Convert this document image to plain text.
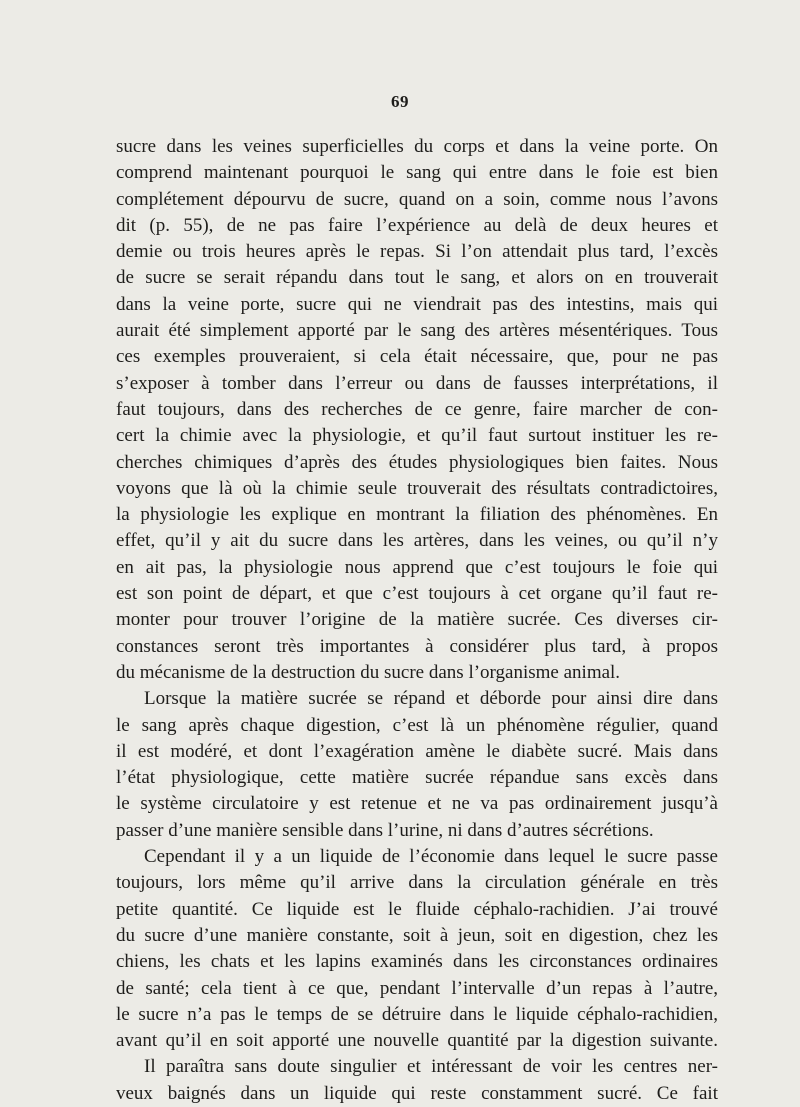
69
sucre dans les veines superficielles du corps et dans la veine porte. On
comprend maintenant pourquoi le sang qui entre dans le foie est bien
complétement dépourvu de sucre, quand on a soin, comme nous l’avons
dit (p. 55), de ne pas faire l’expérience au delà de deux heures et
demie ou trois heures après le repas. Si l’on attendait plus tard, l’excès
de sucre se serait répandu dans tout le sang, et alors on en trouverait
dans la veine porte, sucre qui ne viendrait pas des intestins, mais qui
aurait été simplement apporté par le sang des artères mésentériques. Tous
ces exemples prouveraient, si cela était nécessaire, que, pour ne pas
s’exposer à tomber dans l’erreur ou dans de fausses interprétations, il
faut toujours, dans des recherches de ce genre, faire marcher de con-
cert la chimie avec la physiologie, et qu’il faut surtout instituer les re-
cherches chimiques d’après des études physiologiques bien faites. Nous
voyons que là où la chimie seule trouverait des résultats contradictoires,
la physiologie les explique en montrant la filiation des phénomènes. En
effet, qu’il y ait du sucre dans les artères, dans les veines, ou qu’il n’y
en ait pas, la physiologie nous apprend que c’est toujours le foie qui
est son point de départ, et que c’est toujours à cet organe qu’il faut re-
monter pour trouver l’origine de la matière sucrée. Ces diverses cir-
constances seront très importantes à considérer plus tard, à propos
du mécanisme de la destruction du sucre dans l’organisme animal.
Lorsque la matière sucrée se répand et déborde pour ainsi dire dans
le sang après chaque digestion, c’est là un phénomène régulier, quand
il est modéré, et dont l’exagération amène le diabète sucré. Mais dans
l’état physiologique, cette matière sucrée répandue sans excès dans
le système circulatoire y est retenue et ne va pas ordinairement jusqu’à
passer d’une manière sensible dans l’urine, ni dans d’autres sécrétions.
Cependant il y a un liquide de l’économie dans lequel le sucre passe
toujours, lors même qu’il arrive dans la circulation générale en très
petite quantité. Ce liquide est le fluide céphalo-rachidien. J’ai trouvé
du sucre d’une manière constante, soit à jeun, soit en digestion, chez les
chiens, les chats et les lapins examinés dans les circonstances ordinaires
de santé; cela tient à ce que, pendant l’intervalle d’un repas à l’autre,
le sucre n’a pas le temps de se détruire dans le liquide céphalo-rachidien,
avant qu’il en soit apporté une nouvelle quantité par la digestion suivante.
Il paraîtra sans doute singulier et intéressant de voir les centres ner-
veux baignés dans un liquide qui reste constamment sucré. Ce fait
